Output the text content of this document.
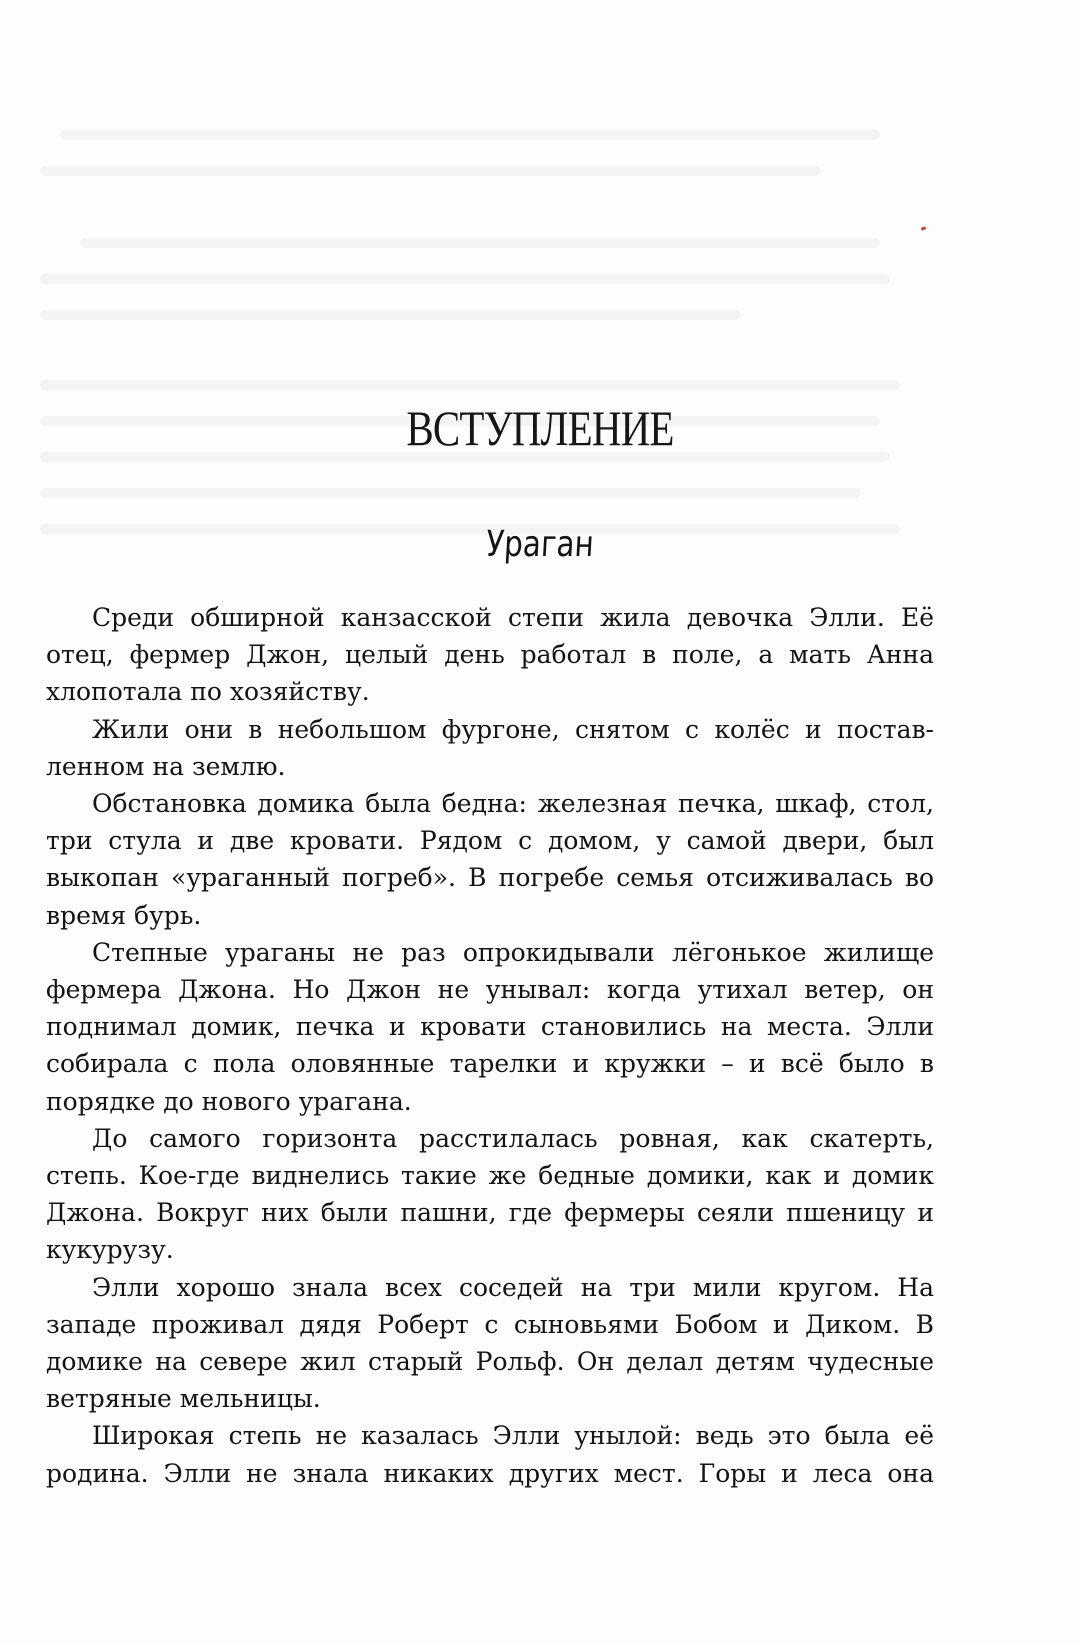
ВСТУПЛЕНИЕ
Ураган

Среди обширной канзасской степи жила девочка Элли. Её отец, фермер Джон, целый день работал в поле, а мать Анна хлопотала по хозяйству.

Жили они в небольшом фургоне, снятом с колёс и поставленном на землю.

Обстановка домика была бедна: железная печка, шкаф, стол, три стула и две кровати. Рядом с домом, у самой двери, был выкопан «ураганный погреб». В погребе семья отсиживалась во время бурь.

Степные ураганы не раз опрокидывали лёгонькое жилище фермера Джона. Но Джон не унывал: когда утихал ветер, он поднимал домик, печка и кровати становились на места. Элли собирала с пола оловянные тарелки и кружки – и всё было в порядке до нового урагана.

До самого горизонта расстилалась ровная, как скатерть, степь. Кое-где виднелись такие же бедные домики, как и домик Джона. Вокруг них были пашни, где фермеры сеяли пшеницу и кукурузу.

Элли хорошо знала всех соседей на три мили кругом. На западе проживал дядя Роберт с сыновьями Бобом и Диком. В домике на севере жил старый Рольф. Он делал детям чудесные ветряные мельницы.

Широкая степь не казалась Элли унылой: ведь это была её родина. Элли не знала никаких других мест. Горы и леса она
